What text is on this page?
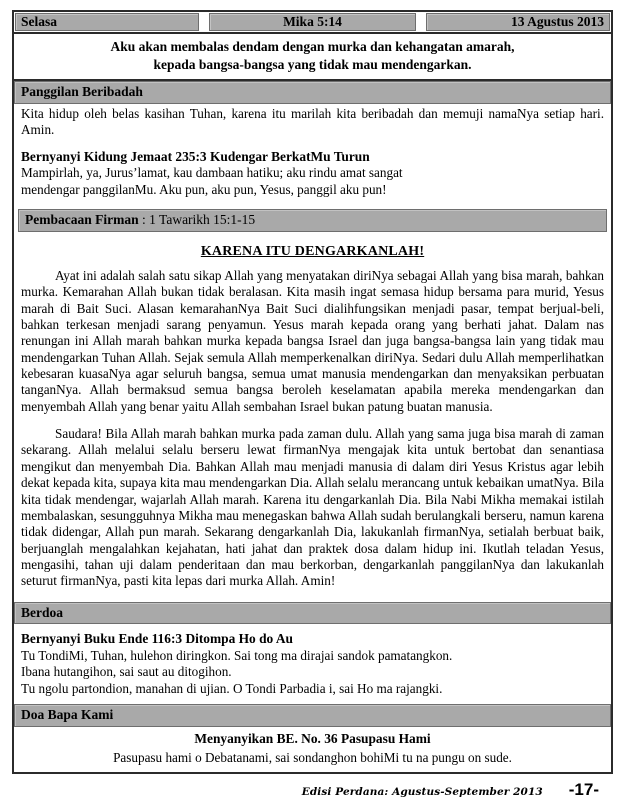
Selasa	Mika 5:14	13 Agustus 2013
Aku akan membalas dendam dengan murka dan kehangatan amarah,
kepada bangsa-bangsa yang tidak mau mendengarkan.
Panggilan Beribadah

Kita hidup oleh belas kasihan Tuhan, karena itu marilah kita beribadah dan memuji namaNya setiap hari. Amin.

Bernyanyi Kidung Jemaat 235:3 Kudengar BerkatMu Turun

Mampirlah, ya, Jurus’lamat, kau dambaan hatiku; aku rindu amat sangat

mendengar panggilanMu. Aku pun, aku pun, Yesus, panggil aku pun!

Pembacaan Firman : 1 Tawarikh 15:1-15
KARENA ITU DENGARKANLAH!

Ayat ini adalah salah satu sikap Allah yang menyatakan diriNya sebagai Allah yang bisa marah, bahkan murka. Kemarahan Allah bukan tidak beralasan. Kita masih ingat semasa hidup bersama para murid, Yesus marah di Bait Suci. Alasan kemarahanNya Bait Suci dialihfungsikan menjadi pasar, tempat berjual-beli, bahkan terkesan menjadi sarang penyamun. Yesus marah kepada orang yang berhati jahat. Dalam nas renungan ini Allah marah bahkan murka kepada bangsa Israel dan juga bangsa-bangsa lain yang tidak mau mendengarkan Tuhan Allah. Sejak semula Allah memperkenalkan diriNya. Sedari dulu Allah memperlihatkan kebesaran kuasaNya agar seluruh bangsa, semua umat manusia mendengarkan dan menyaksikan perbuatan tanganNya. Allah bermaksud semua bangsa beroleh keselamatan apabila mereka mendengarkan dan menyembah Allah yang benar yaitu Allah sembahan Israel bukan patung buatan manusia.

Saudara! Bila Allah marah bahkan murka pada zaman dulu. Allah yang sama juga bisa marah di zaman sekarang. Allah melalui selalu berseru lewat firmanNya mengajak kita untuk bertobat dan senantiasa mengikut dan menyembah Dia. Bahkan Allah mau menjadi manusia di dalam diri Yesus Kristus agar lebih dekat kepada kita, supaya kita mau mendengarkan Dia. Allah selalu merancang untuk kebaikan umatNya. Bila kita tidak mendengar, wajarlah Allah marah. Karena itu dengarkanlah Dia. Bila Nabi Mikha memakai istilah membalaskan, sesungguhnya Mikha mau menegaskan bahwa Allah sudah berulangkali berseru, namun karena tidak didengar, Allah pun marah. Sekarang dengarkanlah Dia, lakukanlah firmanNya, setialah berbuat baik, berjuanglah mengalahkan kejahatan, hati jahat dan praktek dosa dalam hidup ini. Ikutlah teladan Yesus, mengasihi, tahan uji dalam penderitaan dan mau berkorban, dengarkanlah panggilanNya dan lakukanlah seturut firmanNya, pasti kita lepas dari murka Allah. Amin!

Berdoa

Bernyanyi Buku Ende 116:3 Ditompa Ho do Au

Tu TondiMi, Tuhan, hulehon diringkon. Sai tong ma dirajai sandok pamatangkon.

Ibana hutangihon, sai saut au ditogihon.

Tu ngolu partondion, manahan di ujian. O Tondi Parbadia i, sai Ho ma rajangki.

Doa Bapa Kami
Menyanyikan BE. No. 36 Pasupasu Hami
Pasupasu hami o Debatanami, sai sondanghon bohiMi tu na pungu on sude.
Edisi Perdana: Agustus-September 2013 -17-
